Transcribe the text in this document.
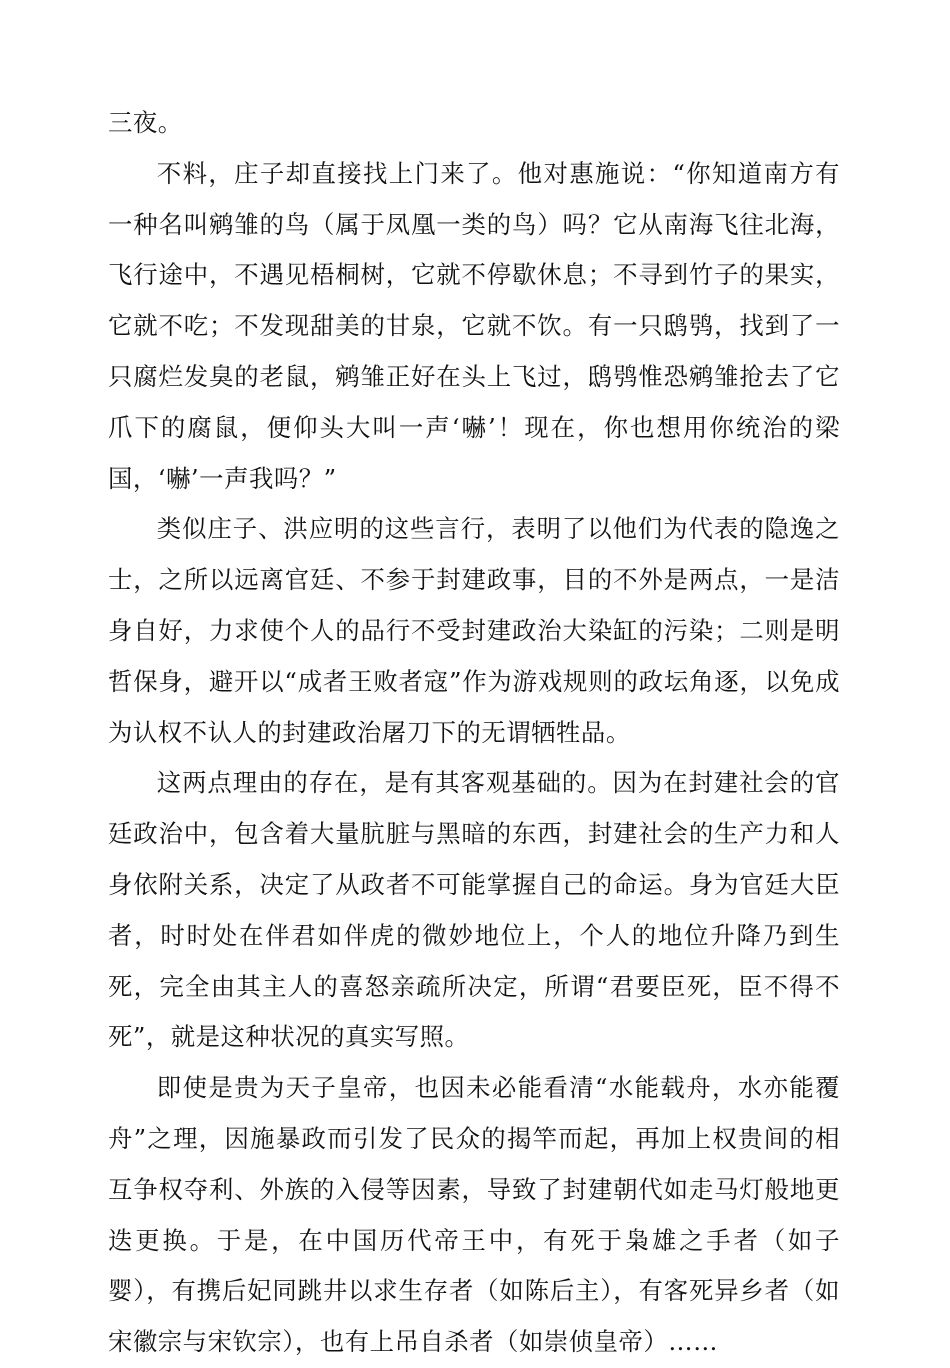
三夜。

不料，庄子却直接找上门来了。他对惠施说：“你知道南方有一种名叫鹓雏的鸟（属于凤凰一类的鸟）吗？它从南海飞往北海，飞行途中，不遇见梧桐树，它就不停歇休息；不寻到竹子的果实，它就不吃；不发现甜美的甘泉，它就不饮。有一只鸱鸮，找到了一只腐烂发臭的老鼠，鹓雏正好在头上飞过，鸱鸮惟恐鹓雏抢去了它爪下的腐鼠，便仰头大叫一声‘嚇’！现在，你也想用你统治的梁国，‘嚇’一声我吗？”

类似庄子、洪应明的这些言行，表明了以他们为代表的隐逸之士，之所以远离官廷、不参于封建政事，目的不外是两点，一是洁身自好，力求使个人的品行不受封建政治大染缸的污染；二则是明哲保身，避开以“成者王败者寇”作为游戏规则的政坛角逐，以免成为认权不认人的封建政治屠刀下的无谓牺牲品。

这两点理由的存在，是有其客观基础的。因为在封建社会的官廷政治中，包含着大量肮脏与黑暗的东西，封建社会的生产力和人身依附关系，决定了从政者不可能掌握自己的命运。身为官廷大臣者，时时处在伴君如伴虎的微妙地位上，个人的地位升降乃到生死，完全由其主人的喜怒亲疏所决定，所谓“君要臣死，臣不得不死”，就是这种状况的真实写照。

即使是贵为天子皇帝，也因未必能看清“水能载舟，水亦能覆舟”之理，因施暴政而引发了民众的揭竿而起，再加上权贵间的相互争权夺利、外族的入侵等因素，导致了封建朝代如走马灯般地更迭更换。于是，在中国历代帝王中，有死于枭雄之手者（如子婴），有携后妃同跳井以求生存者（如陈后主），有客死异乡者（如宋徽宗与宋钦宗），也有上吊自杀者（如崇侦皇帝）……
